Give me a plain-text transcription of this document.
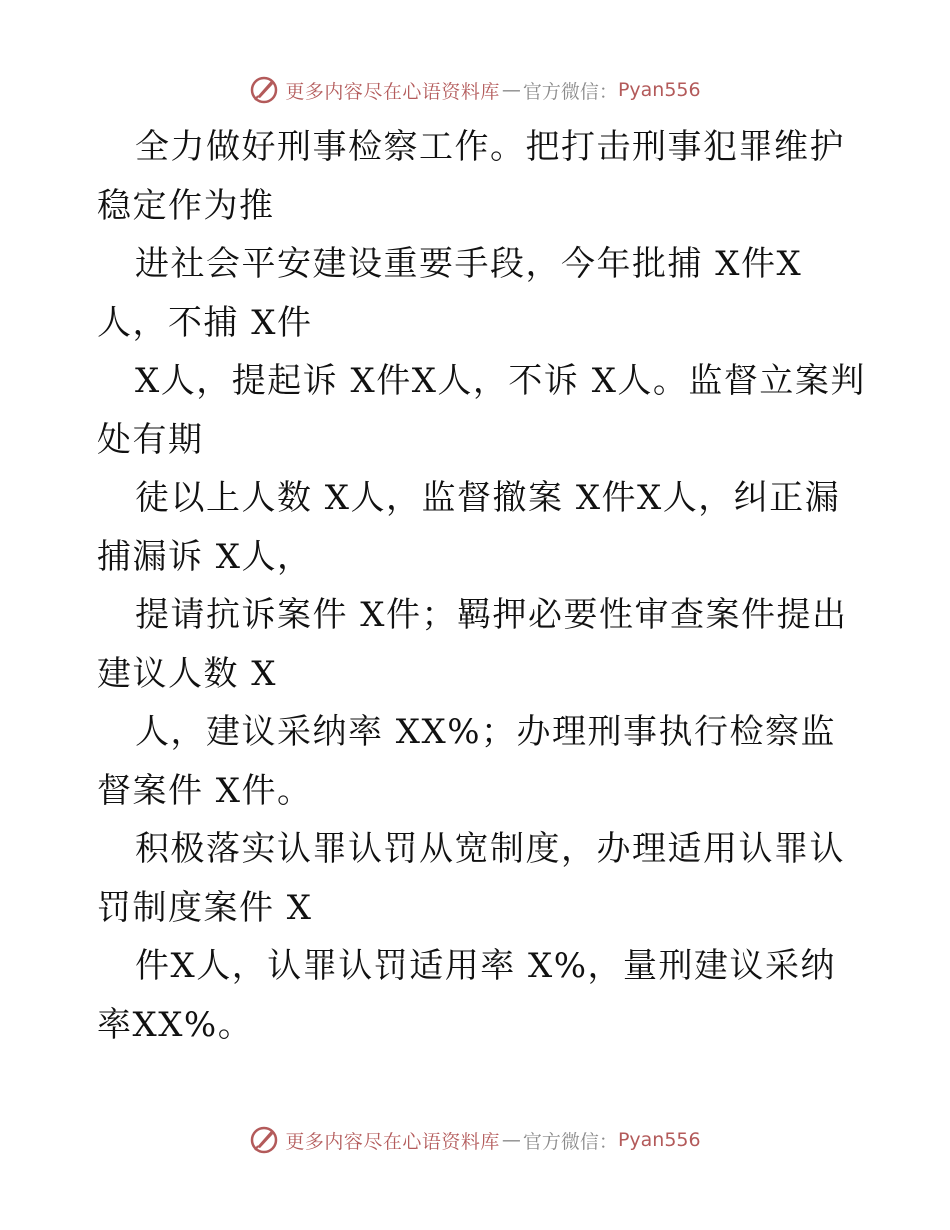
更多内容尽在心语资料库 — 官方微信： Pyan556

全力做好刑事检察工作。把打击刑事犯罪维护稳定作为推

进社会平安建设重要手段，今年批捕 X件X人，不捕 X件

X人，提起诉 X件X人，不诉 X人。监督立案判处有期

徒以上人数 X人，监督撤案 X件X人，纠正漏捕漏诉 X人，

提请抗诉案件 X件；羁押必要性审查案件提出建议人数 X

人，建议采纳率 XX%；办理刑事执行检察监督案件 X件。

积极落实认罪认罚从宽制度，办理适用认罪认罚制度案件 X

件X人，认罪认罚适用率 X%，量刑建议采纳率XX%。

更多内容尽在心语资料库 — 官方微信： Pyan556
